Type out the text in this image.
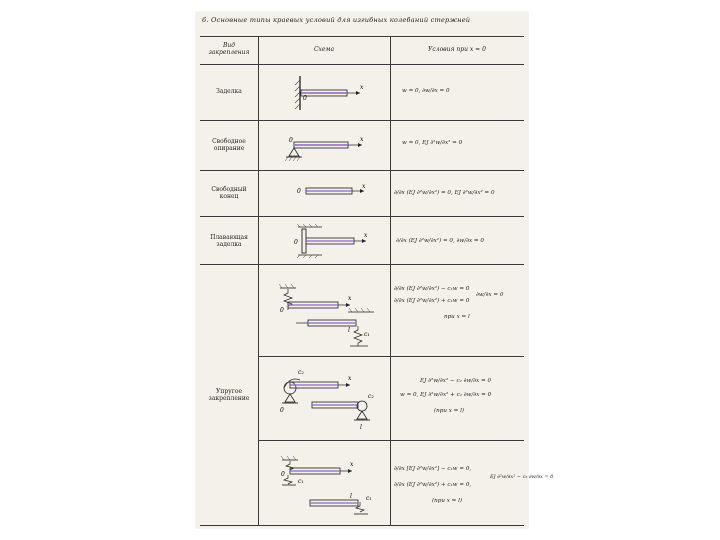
6. Основные типы краевых условий для изгибных колебаний стержней
Вид закрепления	Схема	Условия при x = 0
Заделка
Свободное опирание
Свободный конец
Плавающая заделка
Упругое закрепление
w = 0, ∂w/∂x = 0
w = 0, EJ ∂²w/∂x² = 0
∂/∂x (EJ ∂²w/∂x²) = 0, EJ ∂²w/∂x² = 0
∂/∂x (EJ ∂²w/∂x²) = 0, ∂w/∂x = 0
∂/∂x (EJ ∂²w/∂x²) − c₁w = 0
∂/∂x (EJ ∂²w/∂x²) + c₁w = 0
при x = l
∂w/∂x = 0
EJ ∂²w/∂x² − c₂ ∂w/∂x = 0
w = 0, EJ ∂²w/∂x² + c₂ ∂w/∂x = 0
(при x = l)
∂/∂x [EJ ∂²w/∂x²] − c₁w = 0,
∂/∂x (EJ ∂²w/∂x²) + c₁w = 0,
(при x = l)
EJ ∂²w/∂x² − c₂ ∂w/∂x = 0
x
0
x
0
0
x
x
0
x
0
c₁
l
c₂
x
0
c₂
l
x
0
c₁
l c₁
